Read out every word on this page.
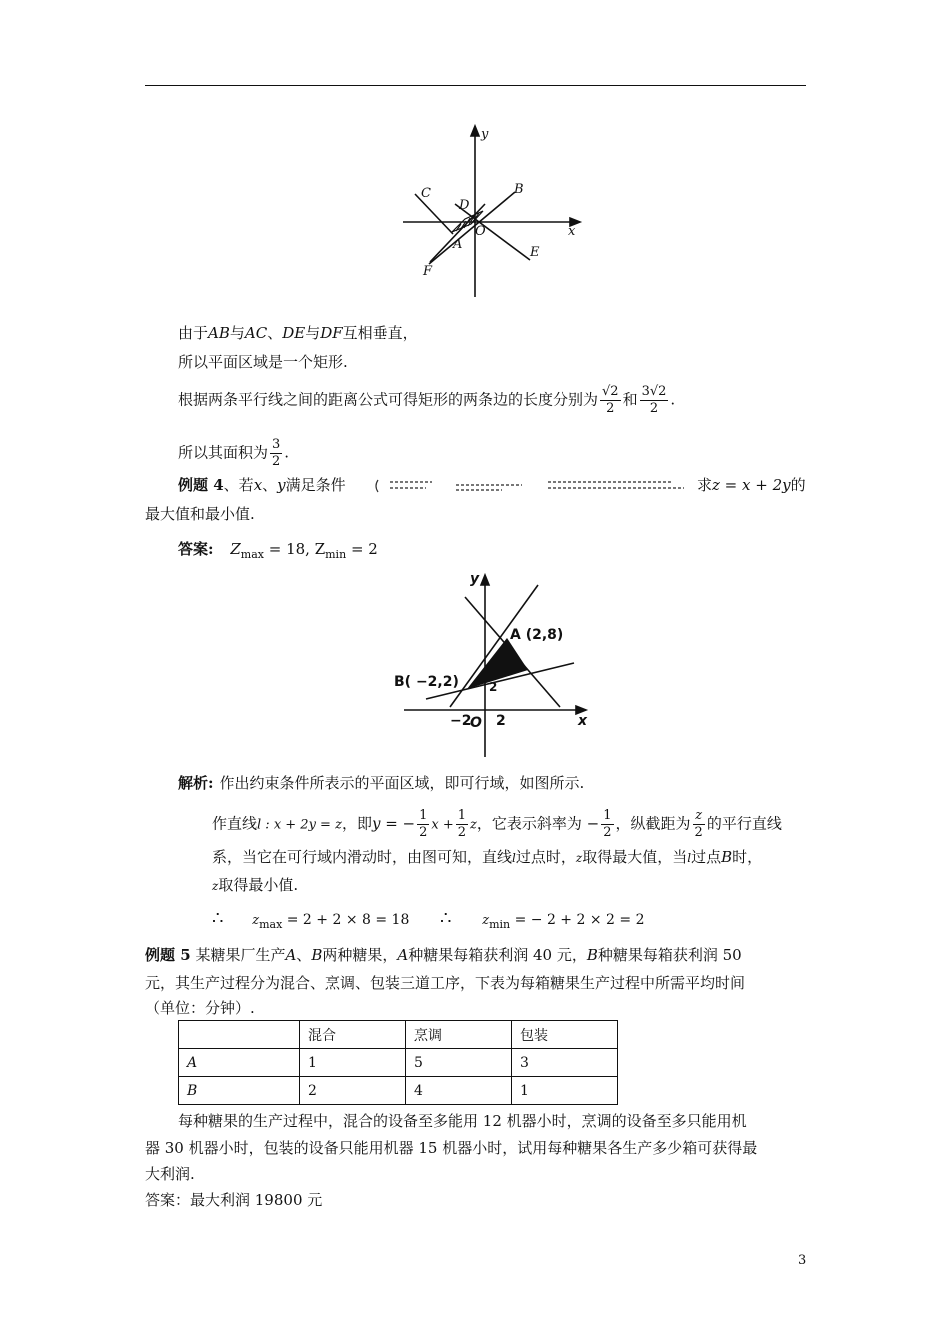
y
x
C	B
D
O
A
E
F
由于AB与AC、DE与DF互相垂直，
所以平面区域是一个矩形.
根据两条平行线之间的距离公式可得矩形的两条边的长度分别为 $\frac{√2}{2}$ 和 $\frac{3√2}{2}$ .
所以其面积为 $\frac{3}{2}$ .
例题 4、若x、y满足条件	求z = x + 2y的
最大值和最小值.
答案: $Z_{max} = 18$, $Z_{min} = 2$
y
A (2,8)
B( −2,2)
x
−2
O 2
2
解析: 作出约束条件所表示的平面区域，即可行域，如图所示.
作直线l : x + 2y = z，即y = − $\frac{1}{2}$ $x + \frac{1}{2}$ z，它表示斜率为 − $\frac{1}{2}$ ，纵截距为 $\frac{z}{2}$ 的平行直线
系，当它在可行域内滑动时，由图可知，直线l过点时，z取得最大值，当l过点B时，
z取得最小值.
∴ $z_{max} = 2 + 2 \times 8 = 18$ ∴ $z_{min}$ = − 2 + 2 × 2 = 2
例题 5 某糖果厂生产A、B两种糖果，A种糖果每箱获利润 40 元，B种糖果每箱获利润 50
元，其生产过程分为混合、烹调、包装三道工序，下表为每箱糖果生产过程中所需平均时间
（单位：分钟）.
	混合	烹调	包装
A	1	5	3
B	2	4	1
每种糖果的生产过程中，混合的设备至多能用 12 机器小时，烹调的设备至多只能用机
器 30 机器小时，包装的设备只能用机器 15 机器小时，试用每种糖果各生产多少箱可获得最
大利润.
答案：最大利润 19800 元
3
